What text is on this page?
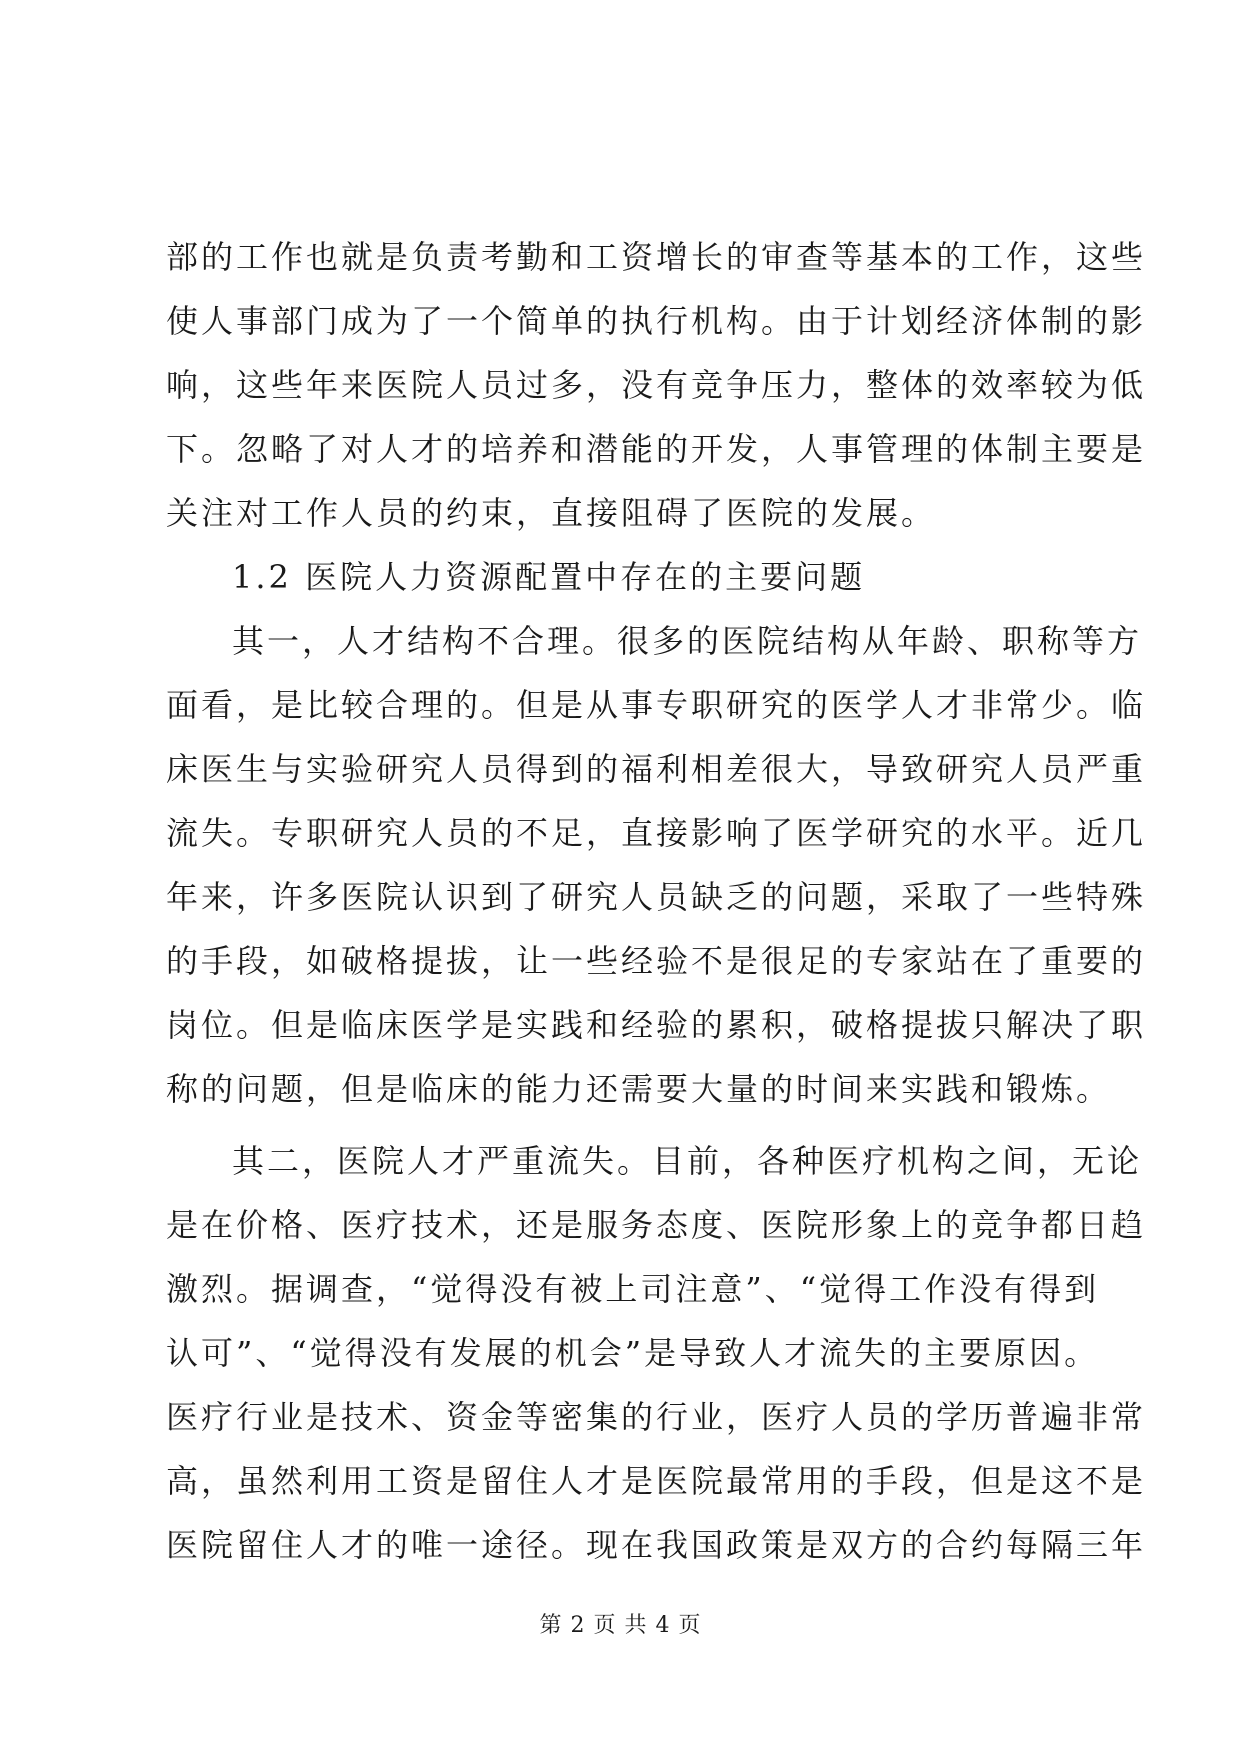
部的工作也就是负责考勤和工资增长的审查等基本的工作，这些
使人事部门成为了一个简单的执行机构。由于计划经济体制的影
响，这些年来医院人员过多，没有竞争压力，整体的效率较为低
下。忽略了对人才的培养和潜能的开发，人事管理的体制主要是
关注对工作人员的约束，直接阻碍了医院的发展。
1.2 医院人力资源配置中存在的主要问题
其一，人才结构不合理。很多的医院结构从年龄、职称等方
面看，是比较合理的。但是从事专职研究的医学人才非常少。临
床医生与实验研究人员得到的福利相差很大，导致研究人员严重
流失。专职研究人员的不足，直接影响了医学研究的水平。近几
年来，许多医院认识到了研究人员缺乏的问题，采取了一些特殊
的手段，如破格提拔，让一些经验不是很足的专家站在了重要的
岗位。但是临床医学是实践和经验的累积，破格提拔只解决了职
称的问题，但是临床的能力还需要大量的时间来实践和锻炼。
其二，医院人才严重流失。目前，各种医疗机构之间，无论
是在价格、医疗技术，还是服务态度、医院形象上的竞争都日趋
激烈。据调查，“觉得没有被上司注意”、“觉得工作没有得到
认可”、“觉得没有发展的机会”是导致人才流失的主要原因。
医疗行业是技术、资金等密集的行业，医疗人员的学历普遍非常
高，虽然利用工资是留住人才是医院最常用的手段，但是这不是
医院留住人才的唯一途径。现在我国政策是双方的合约每隔三年
第 2 页 共 4 页
